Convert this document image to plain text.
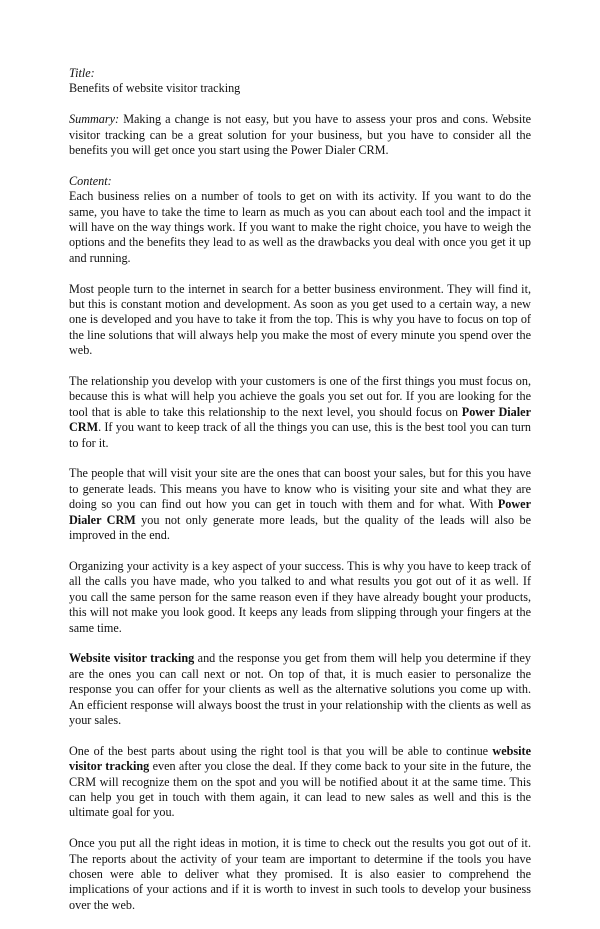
Title:
Benefits of website visitor tracking
Summary: Making a change is not easy, but you have to assess your pros and cons. Website visitor tracking can be a great solution for your business, but you have to consider all the benefits you will get once you start using the Power Dialer CRM.
Content:

Each business relies on a number of tools to get on with its activity. If you want to do the same, you have to take the time to learn as much as you can about each tool and the impact it will have on the way things work. If you want to make the right choice, you have to weigh the options and the benefits they lead to as well as the drawbacks you deal with once you get it up and running.

Most people turn to the internet in search for a better business environment. They will find it, but this is constant motion and development. As soon as you get used to a certain way, a new one is developed and you have to take it from the top. This is why you have to focus on top of the line solutions that will always help you make the most of every minute you spend over the web.

The relationship you develop with your customers is one of the first things you must focus on, because this is what will help you achieve the goals you set out for. If you are looking for the tool that is able to take this relationship to the next level, you should focus on Power Dialer CRM. If you want to keep track of all the things you can use, this is the best tool you can turn to for it.

The people that will visit your site are the ones that can boost your sales, but for this you have to generate leads. This means you have to know who is visiting your site and what they are doing so you can find out how you can get in touch with them and for what. With Power Dialer CRM you not only generate more leads, but the quality of the leads will also be improved in the end.

Organizing your activity is a key aspect of your success. This is why you have to keep track of all the calls you have made, who you talked to and what results you got out of it as well. If you call the same person for the same reason even if they have already bought your products, this will not make you look good. It keeps any leads from slipping through your fingers at the same time.

Website visitor tracking and the response you get from them will help you determine if they are the ones you can call next or not. On top of that, it is much easier to personalize the response you can offer for your clients as well as the alternative solutions you come up with. An efficient response will always boost the trust in your relationship with the clients as well as your sales.

One of the best parts about using the right tool is that you will be able to continue website visitor tracking even after you close the deal. If they come back to your site in the future, the CRM will recognize them on the spot and you will be notified about it at the same time. This can help you get in touch with them again, it can lead to new sales as well and this is the ultimate goal for you.

Once you put all the right ideas in motion, it is time to check out the results you got out of it. The reports about the activity of your team are important to determine if the tools you have chosen were able to deliver what they promised. It is also easier to comprehend the implications of your actions and if it is worth to invest in such tools to develop your business over the web.
